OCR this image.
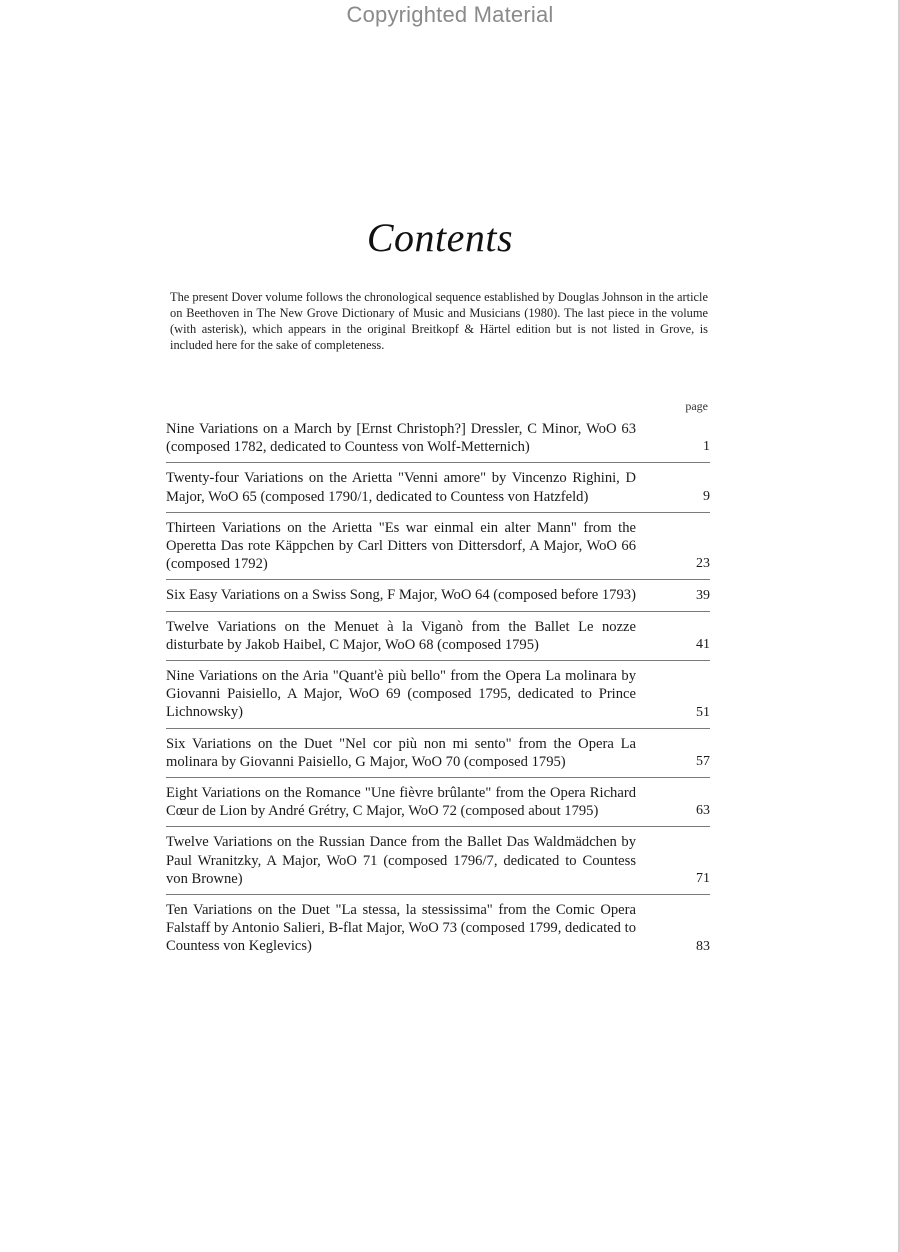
Copyrighted Material
Contents
The present Dover volume follows the chronological sequence established by Douglas Johnson in the article on Beethoven in The New Grove Dictionary of Music and Musicians (1980). The last piece in the volume (with asterisk), which appears in the original Breitkopf & Härtel edition but is not listed in Grove, is included here for the sake of completeness.
page
Nine Variations on a March by [Ernst Christoph?] Dressler, C Minor, WoO 63 (composed 1782, dedicated to Countess von Wolf-Metternich)	1
Twenty-four Variations on the Arietta "Venni amore" by Vincenzo Righini, D Major, WoO 65 (composed 1790/1, dedicated to Countess von Hatzfeld)	9
Thirteen Variations on the Arietta "Es war einmal ein alter Mann" from the Operetta Das rote Käppchen by Carl Ditters von Dittersdorf, A Major, WoO 66 (composed 1792)	23
Six Easy Variations on a Swiss Song, F Major, WoO 64 (composed before 1793)	39
Twelve Variations on the Menuet à la Viganò from the Ballet Le nozze disturbate by Jakob Haibel, C Major, WoO 68 (composed 1795)	41
Nine Variations on the Aria "Quant'è più bello" from the Opera La molinara by Giovanni Paisiello, A Major, WoO 69 (composed 1795, dedicated to Prince Lichnowsky)	51
Six Variations on the Duet "Nel cor più non mi sento" from the Opera La molinara by Giovanni Paisiello, G Major, WoO 70 (composed 1795)	57
Eight Variations on the Romance "Une fièvre brûlante" from the Opera Richard Cœur de Lion by André Grétry, C Major, WoO 72 (composed about 1795)	63
Twelve Variations on the Russian Dance from the Ballet Das Waldmädchen by Paul Wranitzky, A Major, WoO 71 (composed 1796/7, dedicated to Countess von Browne)	71
Ten Variations on the Duet "La stessa, la stessissima" from the Comic Opera Falstaff by Antonio Salieri, B-flat Major, WoO 73 (composed 1799, dedicated to Countess von Keglevics)	83
